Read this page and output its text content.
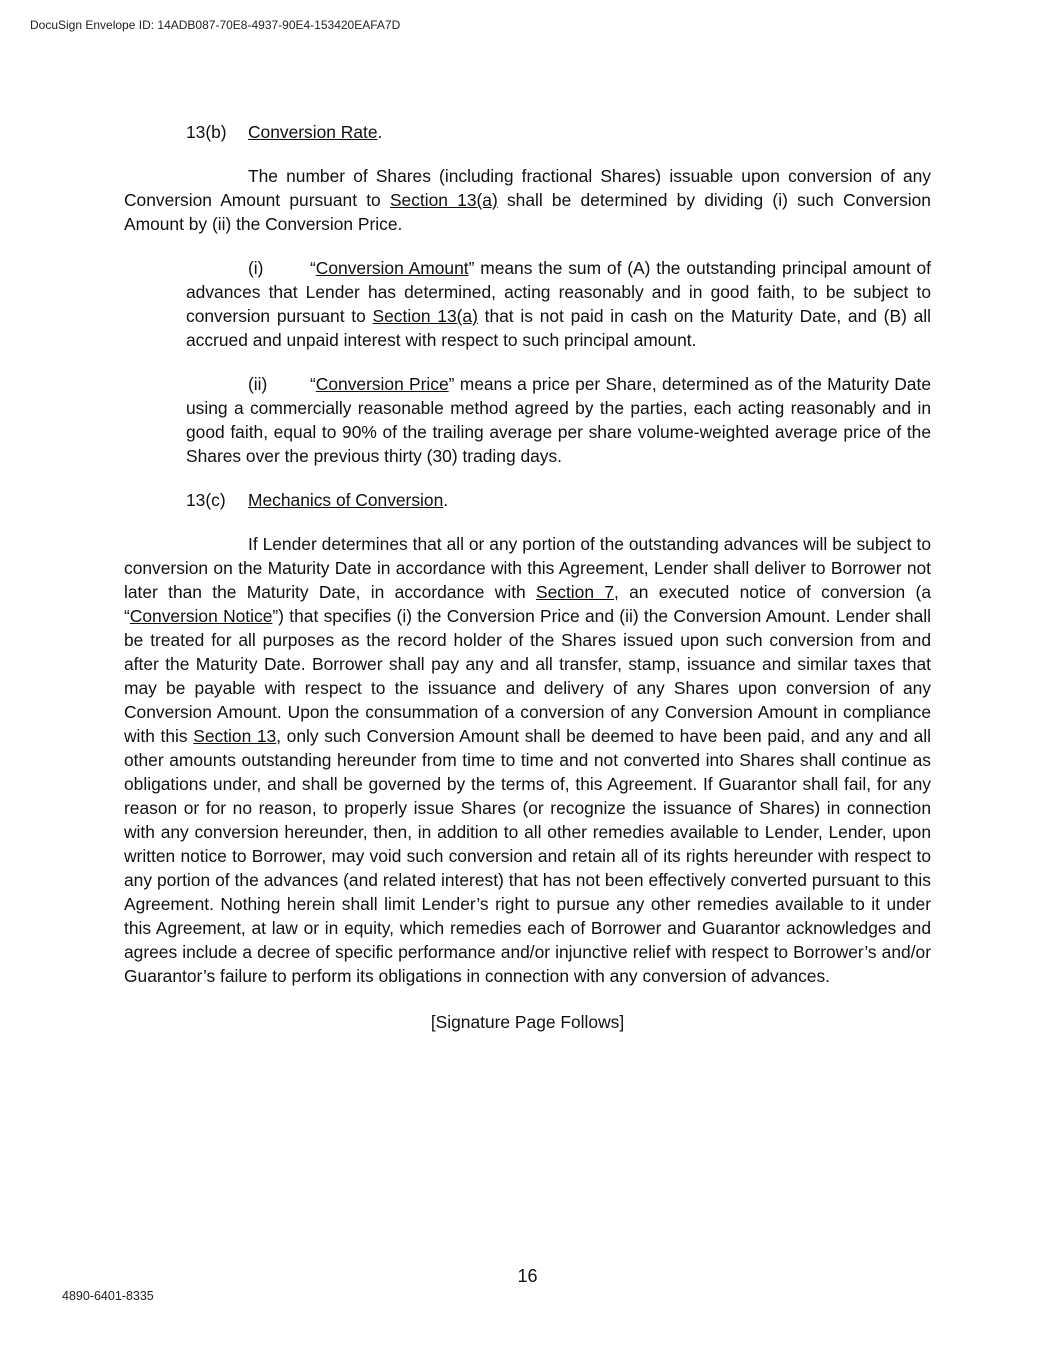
DocuSign Envelope ID: 14ADB087-70E8-4937-90E4-153420EAFA7D

13(b) Conversion Rate.

The number of Shares (including fractional Shares) issuable upon conversion of any Conversion Amount pursuant to Section 13(a) shall be determined by dividing (i) such Conversion Amount by (ii) the Conversion Price.

(i)	“Conversion Amount” means the sum of (A) the outstanding principal amount of advances that Lender has determined, acting reasonably and in good faith, to be subject to conversion pursuant to Section 13(a) that is not paid in cash on the Maturity Date, and (B) all accrued and unpaid interest with respect to such principal amount.

(ii) “Conversion Price” means a price per Share, determined as of the Maturity Date using a commercially reasonable method agreed by the parties, each acting reasonably and in good faith, equal to 90% of the trailing average per share volume-weighted average price of the Shares over the previous thirty (30) trading days.

13(c) Mechanics of Conversion.

If Lender determines that all or any portion of the outstanding advances will be subject to conversion on the Maturity Date in accordance with this Agreement, Lender shall deliver to Borrower not later than the Maturity Date, in accordance with Section 7, an executed notice of conversion (a “Conversion Notice”) that specifies (i) the Conversion Price and (ii) the Conversion Amount. Lender shall be treated for all purposes as the record holder of the Shares issued upon such conversion from and after the Maturity Date. Borrower shall pay any and all transfer, stamp, issuance and similar taxes that may be payable with respect to the issuance and delivery of any Shares upon conversion of any Conversion Amount. Upon the consummation of a conversion of any Conversion Amount in compliance with this Section 13, only such Conversion Amount shall be deemed to have been paid, and any and all other amounts outstanding hereunder from time to time and not converted into Shares shall continue as obligations under, and shall be governed by the terms of, this Agreement. If Guarantor shall fail, for any reason or for no reason, to properly issue Shares (or recognize the issuance of Shares) in connection with any conversion hereunder, then, in addition to all other remedies available to Lender, Lender, upon written notice to Borrower, may void such conversion and retain all of its rights hereunder with respect to any portion of the advances (and related interest) that has not been effectively converted pursuant to this Agreement. Nothing herein shall limit Lender’s right to pursue any other remedies available to it under this Agreement, at law or in equity, which remedies each of Borrower and Guarantor acknowledges and agrees include a decree of specific performance and/or injunctive relief with respect to Borrower’s and/or Guarantor’s failure to perform its obligations in connection with any conversion of advances.

[Signature Page Follows]

16
4890-6401-8335
